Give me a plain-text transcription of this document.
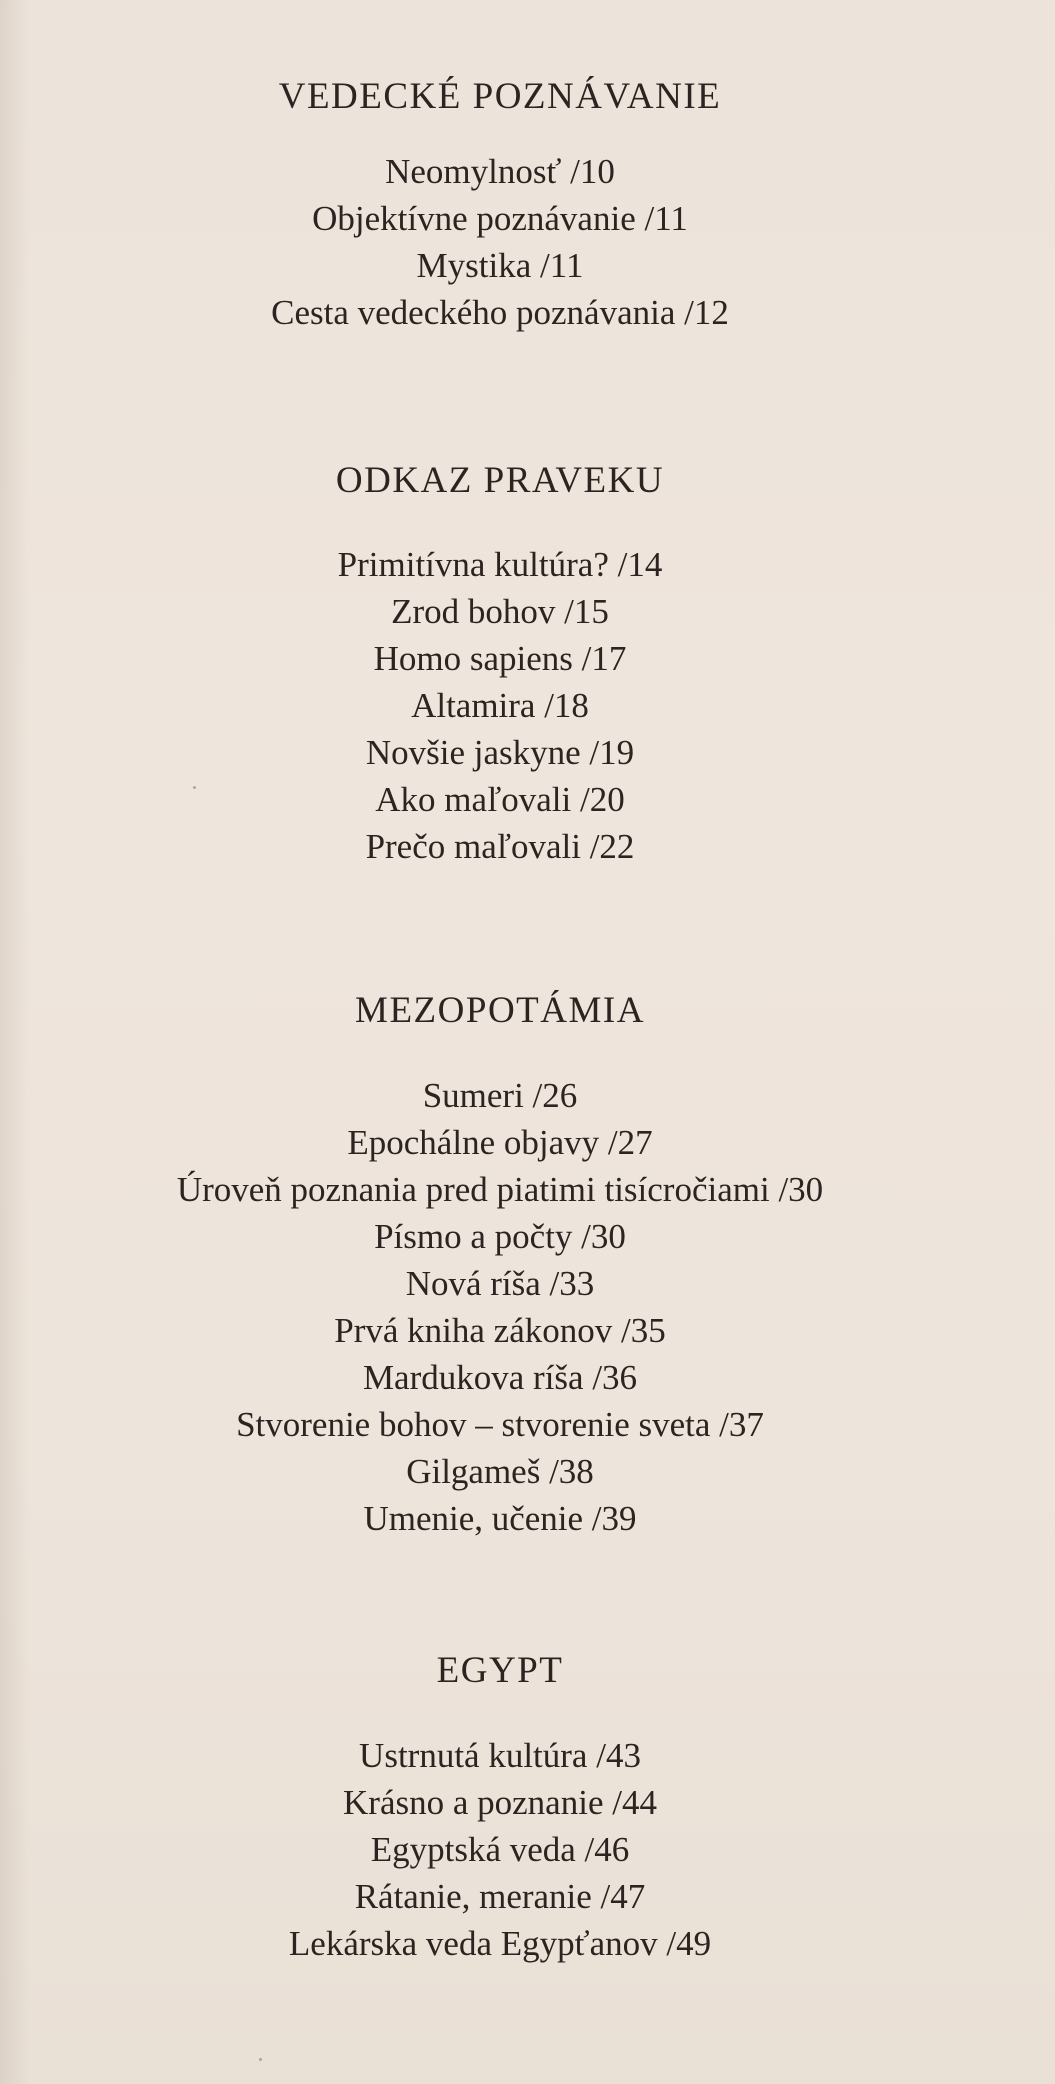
VEDECKÉ POZNÁVANIE
Neomylnosť /10
Objektívne poznávanie /11
Mystika /11
Cesta vedeckého poznávania /12
ODKAZ PRAVEKU
Primitívna kultúra? /14
Zrod bohov /15
Homo sapiens /17
Altamira /18
Novšie jaskyne /19
Ako maľovali /20
Prečo maľovali /22
MEZOPOTÁMIA
Sumeri /26
Epochálne objavy /27
Úroveň poznania pred piatimi tisícročiami /30
Písmo a počty /30
Nová ríša /33
Prvá kniha zákonov /35
Mardukova ríša /36
Stvorenie bohov – stvorenie sveta /37
Gilgameš /38
Umenie, učenie /39
EGYPT
Ustrnutá kultúra /43
Krásno a poznanie /44
Egyptská veda /46
Rátanie, meranie /47
Lekárska veda Egypťanov /49
